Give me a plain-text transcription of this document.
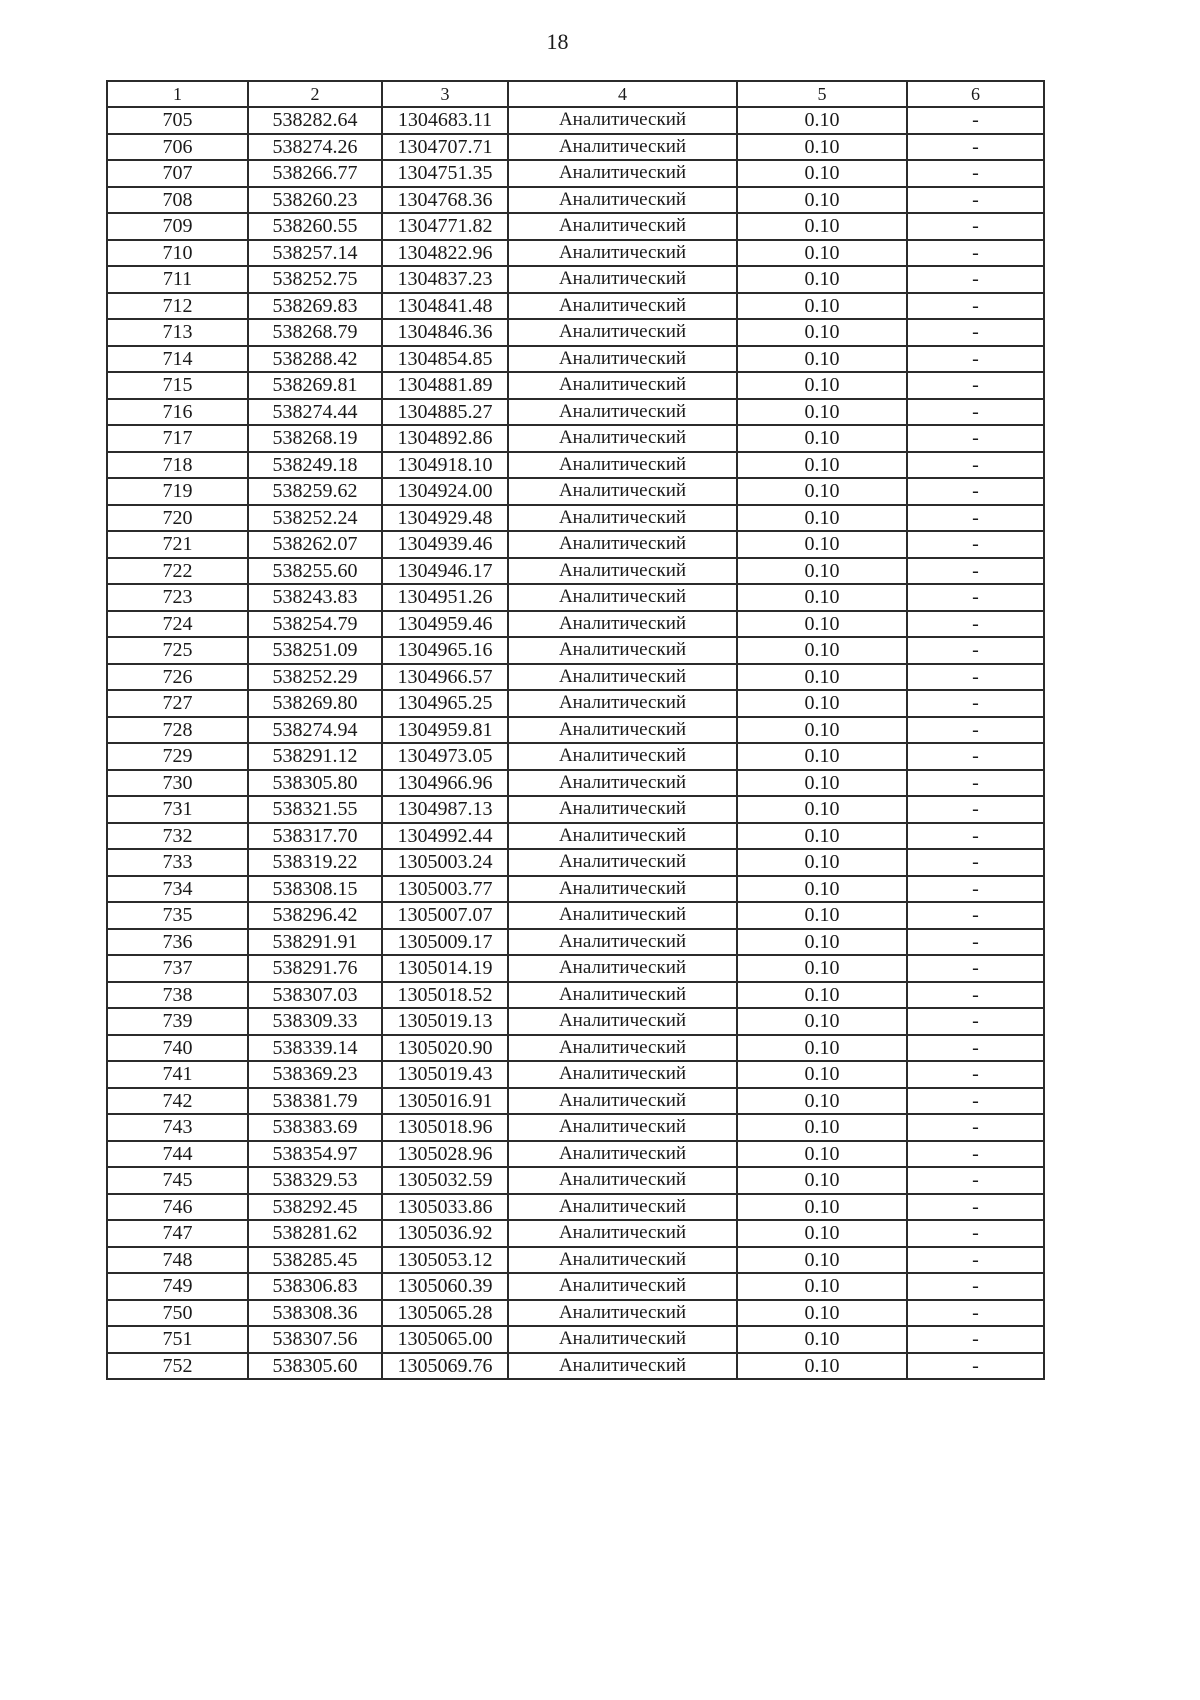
18
1	2	3	4	5	6
705	538282.64	1304683.11	Аналитический	0.10	-
706	538274.26	1304707.71	Аналитический	0.10	-
707	538266.77	1304751.35	Аналитический	0.10	-
708	538260.23	1304768.36	Аналитический	0.10	-
709	538260.55	1304771.82	Аналитический	0.10	-
710	538257.14	1304822.96	Аналитический	0.10	-
711	538252.75	1304837.23	Аналитический	0.10	-
712	538269.83	1304841.48	Аналитический	0.10	-
713	538268.79	1304846.36	Аналитический	0.10	-
714	538288.42	1304854.85	Аналитический	0.10	-
715	538269.81	1304881.89	Аналитический	0.10	-
716	538274.44	1304885.27	Аналитический	0.10	-
717	538268.19	1304892.86	Аналитический	0.10	-
718	538249.18	1304918.10	Аналитический	0.10	-
719	538259.62	1304924.00	Аналитический	0.10	-
720	538252.24	1304929.48	Аналитический	0.10	-
721	538262.07	1304939.46	Аналитический	0.10	-
722	538255.60	1304946.17	Аналитический	0.10	-
723	538243.83	1304951.26	Аналитический	0.10	-
724	538254.79	1304959.46	Аналитический	0.10	-
725	538251.09	1304965.16	Аналитический	0.10	-
726	538252.29	1304966.57	Аналитический	0.10	-
727	538269.80	1304965.25	Аналитический	0.10	-
728	538274.94	1304959.81	Аналитический	0.10	-
729	538291.12	1304973.05	Аналитический	0.10	-
730	538305.80	1304966.96	Аналитический	0.10	-
731	538321.55	1304987.13	Аналитический	0.10	-
732	538317.70	1304992.44	Аналитический	0.10	-
733	538319.22	1305003.24	Аналитический	0.10	-
734	538308.15	1305003.77	Аналитический	0.10	-
735	538296.42	1305007.07	Аналитический	0.10	-
736	538291.91	1305009.17	Аналитический	0.10	-
737	538291.76	1305014.19	Аналитический	0.10	-
738	538307.03	1305018.52	Аналитический	0.10	-
739	538309.33	1305019.13	Аналитический	0.10	-
740	538339.14	1305020.90	Аналитический	0.10	-
741	538369.23	1305019.43	Аналитический	0.10	-
742	538381.79	1305016.91	Аналитический	0.10	-
743	538383.69	1305018.96	Аналитический	0.10	-
744	538354.97	1305028.96	Аналитический	0.10	-
745	538329.53	1305032.59	Аналитический	0.10	-
746	538292.45	1305033.86	Аналитический	0.10	-
747	538281.62	1305036.92	Аналитический	0.10	-
748	538285.45	1305053.12	Аналитический	0.10	-
749	538306.83	1305060.39	Аналитический	0.10	-
750	538308.36	1305065.28	Аналитический	0.10	-
751	538307.56	1305065.00	Аналитический	0.10	-
752	538305.60	1305069.76	Аналитический	0.10	-
